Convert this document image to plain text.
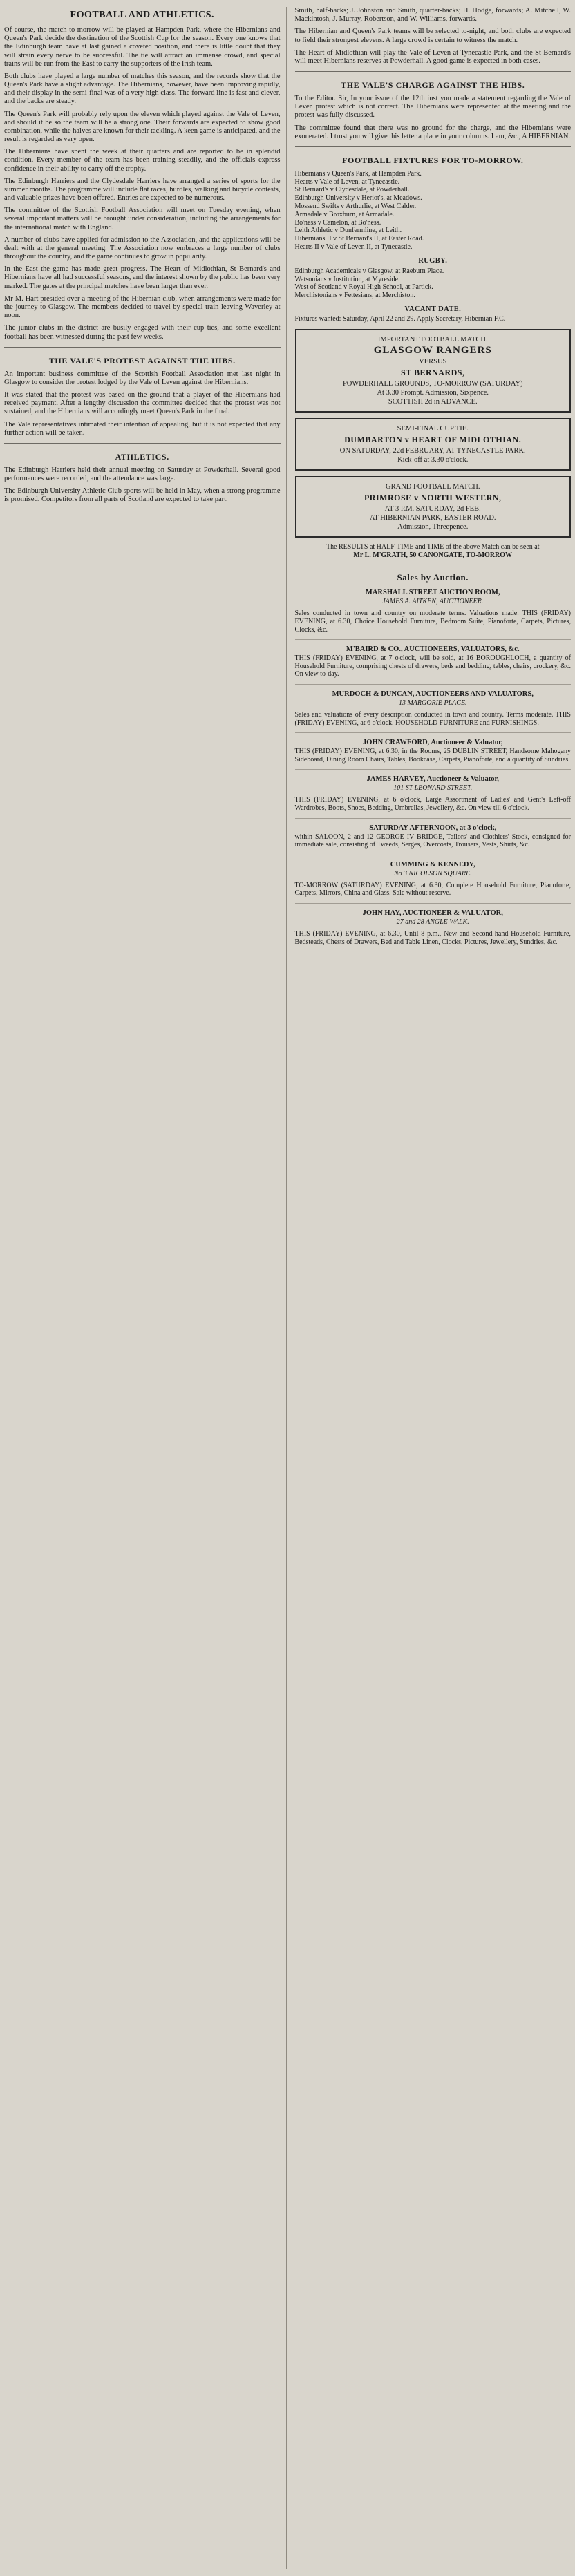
FOOTBALL AND ATHLETICS.

Of course, the match to-morrow will be played at Hampden Park, where the Hibernians and Queen's Park decide the destination of the Scottish Cup for the season. Every one knows that the Edinburgh team have at last gained a coveted position, and there is little doubt that they will strain every nerve to be successful. The tie will attract an immense crowd, and special trains will be run from the East to carry the supporters of the Irish team.

Both clubs have played a large number of matches this season, and the records show that the Queen's Park have a slight advantage. The Hibernians, however, have been improving rapidly, and their display in the semi-final was of a very high class. The forward line is fast and clever, and the backs are steady.

The Queen's Park will probably rely upon the eleven which played against the Vale of Leven, and should it be so the team will be a strong one. Their forwards are expected to show good combination, while the halves are known for their tackling. A keen game is anticipated, and the result is regarded as very open.

The Hibernians have spent the week at their quarters and are reported to be in splendid condition. Every member of the team has been training steadily, and the officials express confidence in their ability to carry off the trophy.

The Edinburgh Harriers and the Clydesdale Harriers have arranged a series of sports for the summer months. The programme will include flat races, hurdles, walking and bicycle contests, and valuable prizes have been offered. Entries are expected to be numerous.

The committee of the Scottish Football Association will meet on Tuesday evening, when several important matters will be brought under consideration, including the arrangements for the international match with England.

A number of clubs have applied for admission to the Association, and the applications will be dealt with at the general meeting. The Association now embraces a large number of clubs throughout the country, and the game continues to grow in popularity.

In the East the game has made great progress. The Heart of Midlothian, St Bernard's and Hibernians have all had successful seasons, and the interest shown by the public has been very marked. The gates at the principal matches have been larger than ever.

Mr M. Hart presided over a meeting of the Hibernian club, when arrangements were made for the journey to Glasgow. The members decided to travel by special train leaving Waverley at noon.

The junior clubs in the district are busily engaged with their cup ties, and some excellent football has been witnessed during the past few weeks.

THE VALE'S PROTEST AGAINST THE HIBS.

An important business committee of the Scottish Football Association met last night in Glasgow to consider the protest lodged by the Vale of Leven against the Hibernians.

It was stated that the protest was based on the ground that a player of the Hibernians had received payment. After a lengthy discussion the committee decided that the protest was not sustained, and the Hibernians will accordingly meet Queen's Park in the final.

The Vale representatives intimated their intention of appealing, but it is not expected that any further action will be taken.

ATHLETICS.

The Edinburgh Harriers held their annual meeting on Saturday at Powderhall. Several good performances were recorded, and the attendance was large.

The Edinburgh University Athletic Club sports will be held in May, when a strong programme is promised. Competitors from all parts of Scotland are expected to take part.

Smith, half-backs; J. Johnston and Smith, quarter-backs; H. Hodge, forwards; A. Mitchell, W. Mackintosh, J. Murray, Robertson, and W. Williams, forwards.

The Hibernian and Queen's Park teams will be selected to-night, and both clubs are expected to field their strongest elevens. A large crowd is certain to witness the match.

The Heart of Midlothian will play the Vale of Leven at Tynecastle Park, and the St Bernard's will meet Hibernians reserves at Powderhall. A good game is expected in both cases.

THE VALE'S CHARGE AGAINST THE HIBS.

To the Editor. Sir, In your issue of the 12th inst you made a statement regarding the Vale of Leven protest which is not correct. The Hibernians were represented at the meeting and the protest was fully discussed.

The committee found that there was no ground for the charge, and the Hibernians were exonerated. I trust you will give this letter a place in your columns. I am, &c., A HIBERNIAN.

FOOTBALL FIXTURES FOR TO-MORROW.

Hibernians v Queen's Park, at Hampden Park.

Hearts v Vale of Leven, at Tynecastle.

St Bernard's v Clydesdale, at Powderhall.

Edinburgh University v Heriot's, at Meadows.

Mossend Swifts v Arthurlie, at West Calder.

Armadale v Broxburn, at Armadale.

Bo'ness v Camelon, at Bo'ness.

Leith Athletic v Dunfermline, at Leith.

Hibernians II v St Bernard's II, at Easter Road.

Hearts II v Vale of Leven II, at Tynecastle.

RUGBY.

Edinburgh Academicals v Glasgow, at Raeburn Place.

Watsonians v Institution, at Myreside.

West of Scotland v Royal High School, at Partick.

Merchistonians v Fettesians, at Merchiston.

VACANT DATE.

Fixtures wanted: Saturday, April 22 and 29. Apply Secretary, Hibernian F.C.

IMPORTANT FOOTBALL MATCH.
GLASGOW RANGERS
VERSUS
ST BERNARDS,
POWDERHALL GROUNDS, TO-MORROW (SATURDAY)
At 3.30 Prompt. Admission, Sixpence.
SCOTTISH 2d in ADVANCE.
SEMI-FINAL CUP TIE.
DUMBARTON v HEART OF MIDLOTHIAN.
ON SATURDAY, 22d FEBRUARY, AT TYNECASTLE PARK.
Kick-off at 3.30 o'clock.
GRAND FOOTBALL MATCH.
PRIMROSE v NORTH WESTERN,
AT 3 P.M. SATURDAY, 2d FEB.
AT HIBERNIAN PARK, EASTER ROAD.
Admission, Threepence.

The RESULTS at HALF-TIME and TIME of the above Match can be seen at

Mr L. M'GRATH, 50 CANONGATE, TO-MORROW

Sales by Auction.
MARSHALL STREET AUCTION ROOM,
JAMES A. AITKEN, AUCTIONEER.
Sales conducted in town and country on moderate terms. Valuations made. THIS (FRIDAY) EVENING, at 6.30, Choice Household Furniture, Bedroom Suite, Pianoforte, Carpets, Pictures, Clocks, &c.
M'BAIRD & CO., AUCTIONEERS, VALUATORS, &c.
THIS (FRIDAY) EVENING, at 7 o'clock, will be sold, at 16 BOROUGHLOCH, a quantity of Household Furniture, comprising chests of drawers, beds and bedding, tables, chairs, crockery, &c. On view to-day.
MURDOCH & DUNCAN, AUCTIONEERS AND VALUATORS,
13 MARGORIE PLACE.
Sales and valuations of every description conducted in town and country. Terms moderate. THIS (FRIDAY) EVENING, at 6 o'clock, HOUSEHOLD FURNITURE and FURNISHINGS.
JOHN CRAWFORD, Auctioneer & Valuator,
THIS (FRIDAY) EVENING, at 6.30, in the Rooms, 25 DUBLIN STREET, Handsome Mahogany Sideboard, Dining Room Chairs, Tables, Bookcase, Carpets, Pianoforte, and a quantity of Sundries.
JAMES HARVEY, Auctioneer & Valuator,
101 ST LEONARD STREET.
THIS (FRIDAY) EVENING, at 6 o'clock, Large Assortment of Ladies' and Gent's Left-off Wardrobes, Boots, Shoes, Bedding, Umbrellas, Jewellery, &c. On view till 6 o'clock.
SATURDAY AFTERNOON, at 3 o'clock,
within SALOON, 2 and 12 GEORGE IV BRIDGE, Tailors' and Clothiers' Stock, consigned for immediate sale, consisting of Tweeds, Serges, Overcoats, Trousers, Vests, Shirts, &c.
CUMMING & KENNEDY,
No 3 NICOLSON SQUARE.
TO-MORROW (SATURDAY) EVENING, at 6.30, Complete Household Furniture, Pianoforte, Carpets, Mirrors, China and Glass. Sale without reserve.
JOHN HAY, AUCTIONEER & VALUATOR,
27 and 28 ANGLE WALK.
THIS (FRIDAY) EVENING, at 6.30, Until 8 p.m., New and Second-hand Household Furniture, Bedsteads, Chests of Drawers, Bed and Table Linen, Clocks, Pictures, Jewellery, Sundries, &c.
